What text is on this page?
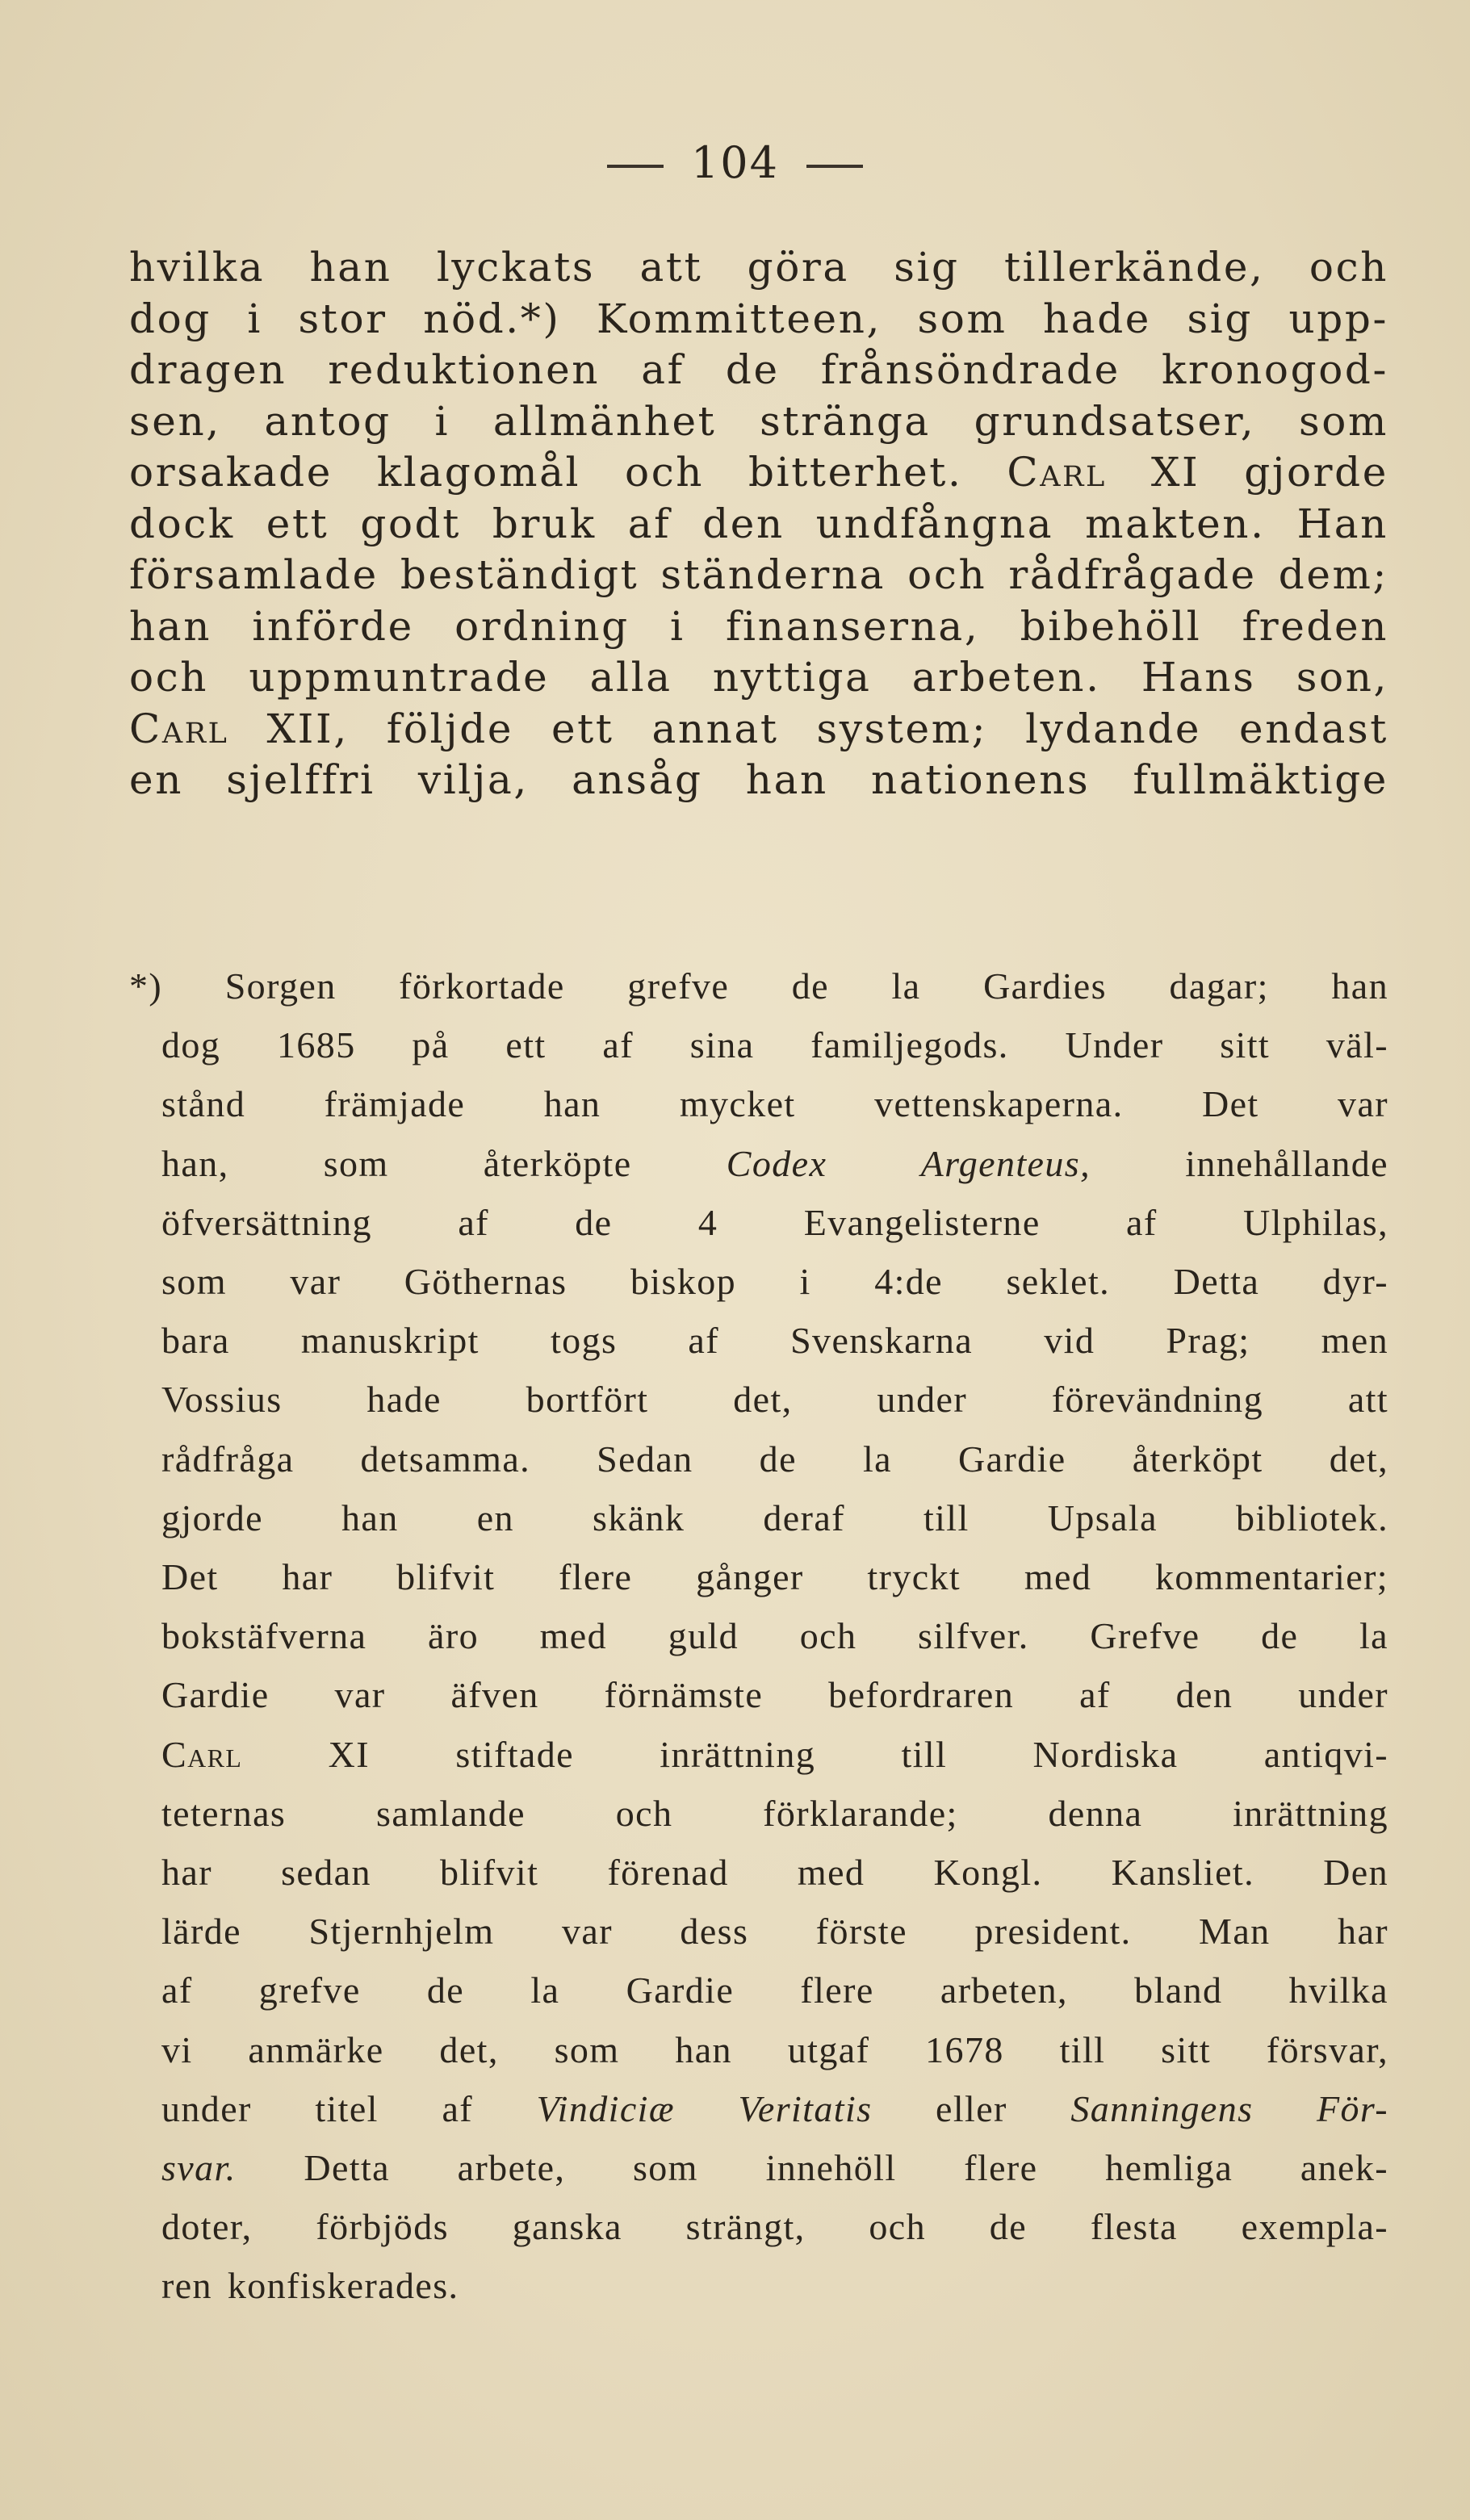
104
hvilka han lyckats att göra sig tillerkände, och
dog i stor nöd.*) Kommitteen, som hade sig upp-
dragen reduktionen af de frånsöndrade kronogod-
sen, antog i allmänhet stränga grundsatser, som
orsakade klagomål och bitterhet. Carl XI gjorde
dock ett godt bruk af den undfångna makten. Han
församlade beständigt ständerna och rådfrågade dem;
han införde ordning i finanserna, bibehöll freden
och uppmuntrade alla nyttiga arbeten. Hans son,
Carl XII, följde ett annat system; lydande endast
en sjelffri vilja, ansåg han nationens fullmäktige
*) Sorgen förkortade grefve de la Gardies dagar; han
dog 1685 på ett af sina familjegods. Under sitt väl-
stånd främjade han mycket vettenskaperna. Det var
han, som återköpte	Codex Argenteus,	innehållande
öfversättning af de 4 Evangelisterne af Ulphilas,
som var Göthernas biskop i 4:de seklet. Detta dyr-
bara manuskript togs af Svenskarna vid Prag; men
Vossius hade bortfört det, under förevändning att
rådfråga detsamma. Sedan de la Gardie återköpt det,
gjorde han en skänk deraf till Upsala bibliotek.
Det har blifvit flere gånger tryckt med kommentarier;
bokstäfverna äro med guld och silfver. Grefve de la
Gardie var äfven förnämste befordraren af den under
Carl XI stiftade inrättning till Nordiska antiqvi-
teternas samlande och förklarande; denna inrättning
har sedan blifvit förenad med Kongl. Kansliet. Den
lärde Stjernhjelm var dess förste president. Man har
af grefve de la Gardie flere arbeten, bland hvilka
vi anmärke det, som han utgaf 1678 till sitt försvar,
under titel af Vindiciæ Veritatis eller Sanningens För-
svar. Detta arbete, som innehöll flere hemliga anek-
doter, förbjöds ganska strängt, och de flesta exempla-
ren konfiskerades.
